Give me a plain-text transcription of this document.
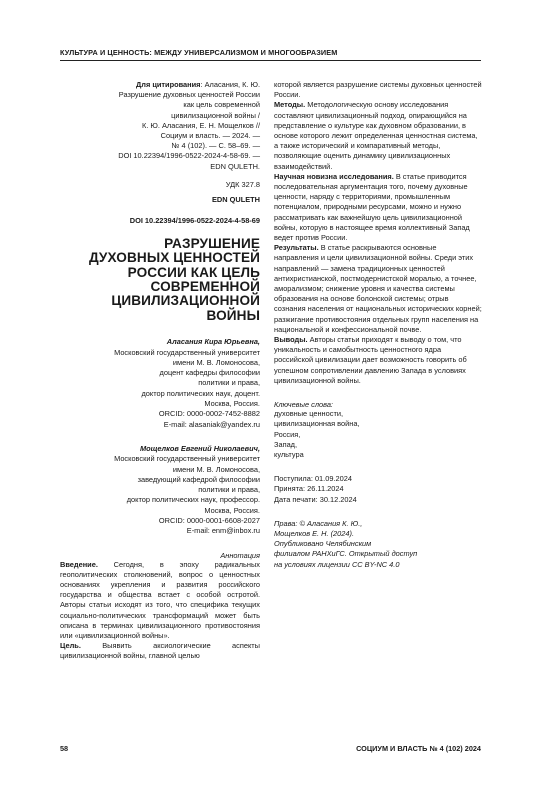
КУЛЬТУРА И ЦЕННОСТЬ: МЕЖДУ УНИВЕРСАЛИЗМОМ И МНОГООБРАЗИЕМ
Для цитирования: Аласания, К. Ю.
Разрушение духовных ценностей России
как цель современной
цивилизационной войны /
К. Ю. Аласания, Е. Н. Мощелков //
Социум и власть. — 2024. —
№ 4 (102). — С. 58–69. —
DOI 10.22394/1996-0522-2024-4-58-69. —
EDN QULETH.
УДК 327.8
EDN QULETH
DOI 10.22394/1996-0522-2024-4-58-69
РАЗРУШЕНИЕ
ДУХОВНЫХ ЦЕННОСТЕЙ
РОССИИ КАК ЦЕЛЬ
СОВРЕМЕННОЙ
ЦИВИЛИЗАЦИОННОЙ
ВОЙНЫ
Аласания Кира Юрьевна,
Московский государственный университет
имени М. В. Ломоносова,
доцент кафедры философии
политики и права,
доктор политических наук, доцент.
Москва, Россия.
ORCID: 0000-0002-7452-8882
E-mail: alasaniak@yandex.ru
Мощелков Евгений Николаевич,
Московский государственный университет
имени М. В. Ломоносова,
заведующий кафедрой философии
политики и права,
доктор политических наук, профессор.
Москва, Россия.
ORCID: 0000-0001-6608-2027
E-mail: enm@inbox.ru
Аннотация
Введение. Сегодня, в эпоху радикальных геополитических столкновений, вопрос о ценностных основаниях укрепления и развития российского государства и общества встает с особой остротой. Авторы статьи исходят из того, что специфика текущих социально-политических трансформаций может быть описана в терминах цивилизационного противостояния или «цивилизационной войны».
Цель. Выявить аксиологические аспекты цивилизационной войны, главной целью
которой является разрушение системы духовных ценностей России.
Методы. Методологическую основу исследования составляют цивилизационный подход, опирающийся на представление о культуре как духовном образовании, в основе которого лежит определенная ценностная система, а также исторический и компаративный методы, позволяющие оценить динамику цивилизационных взаимодействий.
Научная новизна исследования. В статье приводится последовательная аргументация того, почему духовные ценности, наряду с территориями, промышленным потенциалом, природными ресурсами, можно и нужно рассматривать как важнейшую цель цивилизационной войны, которую в настоящее время коллективный Запад ведет против России.
Результаты. В статье раскрываются основные направления и цели цивилизационной войны. Среди этих направлений — замена традиционных ценностей антихристианской, постмодернистской моралью, а точнее, аморализмом; снижение уровня и качества системы образования на основе болонской системы; отрыв сознания населения от национальных исторических корней; разжигание противостояния отдельных групп населения на национальной и конфессиональной почве.
Выводы. Авторы статьи приходят к выводу о том, что уникальность и самобытность ценностного ядра российской цивилизации дает возможность говорить об успешном сопротивлении давлению Запада в условиях цивилизационной войны.
Ключевые слова:
духовные ценности,
цивилизационная война,
Россия,
Запад,
культура
Поступила: 01.09.2024
Принята: 26.11.2024
Дата печати: 30.12.2024
Права: © Аласания К. Ю.,
Мощелков Е. Н. (2024).
Опубликовано Челябинским
филиалом РАНХиГС. Открытый доступ
на условиях лицензии CC BY-NC 4.0
58	СОЦИУМ И ВЛАСТЬ № 4 (102) 2024
